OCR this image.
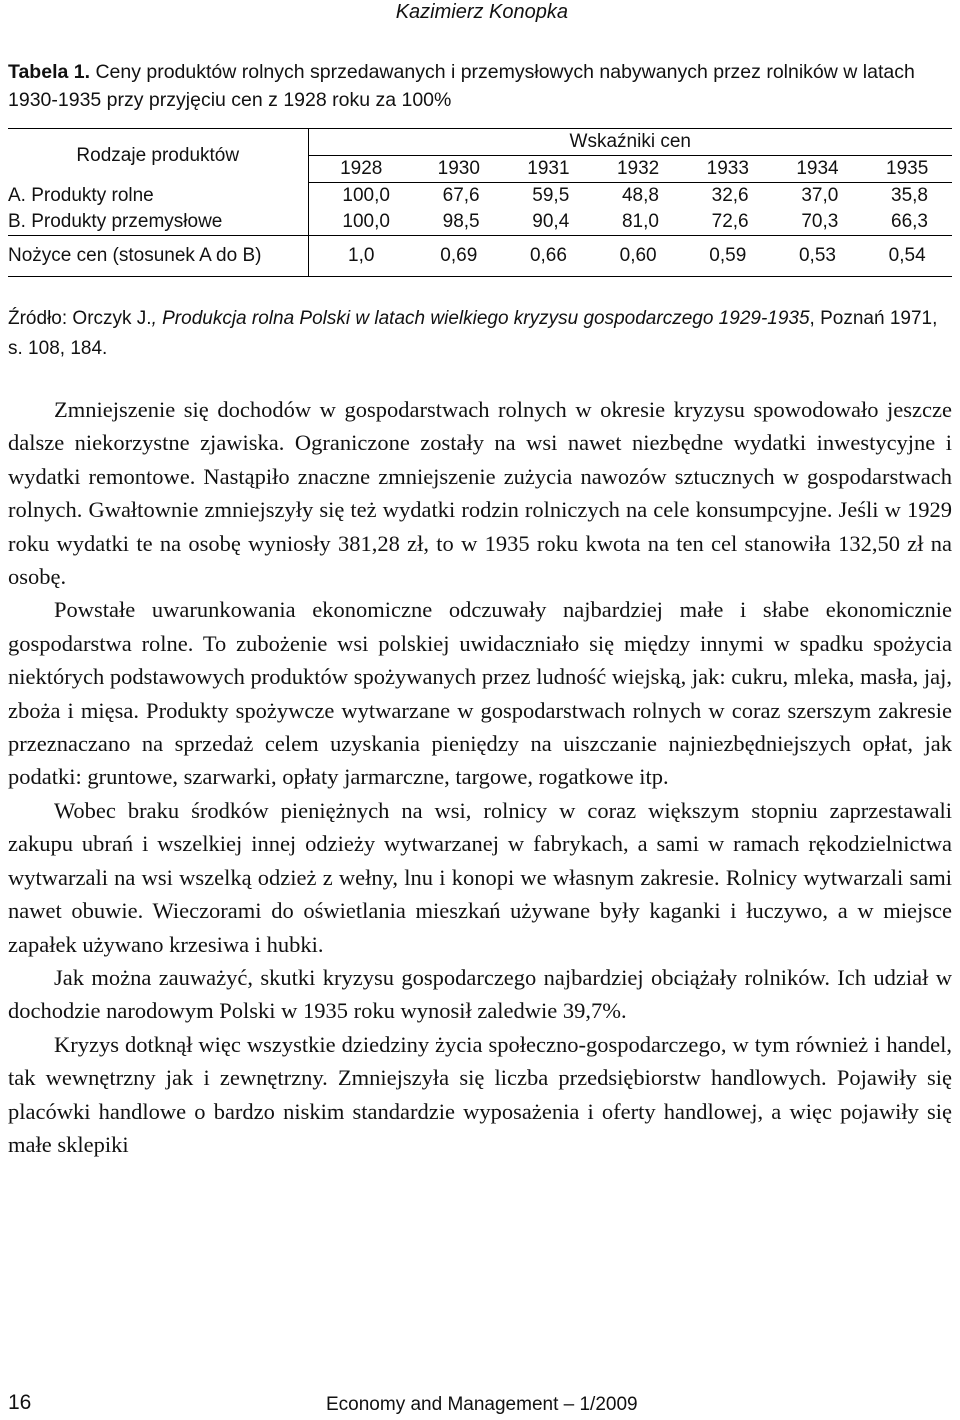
Kazimierz Konopka
Tabela 1. Ceny produktów rolnych sprzedawanych i przemysłowych nabywanych przez rolników w latach 1930-1935 przy przyjęciu cen z 1928 roku za 100%
Rodzaje produktów	Wskaźniki cen						
	1928	1930	1931	1932	1933	1934	1935
A. Produkty rolne	100,0	67,6	59,5	48,8	32,6	37,0	35,8
B. Produkty przemysłowe	100,0	98,5	90,4	81,0	72,6	70,3	66,3
Nożyce cen (stosunek A do B)	1,0	0,69	0,66	0,60	0,59	0,53	0,54
Źródło: Orczyk J., Produkcja rolna Polski w latach wielkiego kryzysu gospodarczego 1929-1935, Poznań 1971, s. 108, 184.

Zmniejszenie się dochodów w gospodarstwach rolnych w okresie kryzysu spowodowało jeszcze dalsze niekorzystne zjawiska. Ograniczone zostały na wsi nawet niezbędne wydatki inwestycyjne i wydatki remontowe. Nastąpiło znaczne zmniejszenie zużycia nawozów sztucznych w gospodarstwach rolnych. Gwałtownie zmniejszyły się też wydatki rodzin rolniczych na cele konsumpcyjne. Jeśli w 1929 roku wydatki te na osobę wyniosły 381,28 zł, to w 1935 roku kwota na ten cel stanowiła 132,50 zł na osobę.

Powstałe uwarunkowania ekonomiczne odczuwały najbardziej małe i słabe ekonomicznie gospodarstwa rolne. To zubożenie wsi polskiej uwidaczniało się między innymi w spadku spożycia niektórych podstawowych produktów spożywanych przez ludność wiejską, jak: cukru, mleka, masła, jaj, zboża i mięsa. Produkty spożywcze wytwarzane w gospodarstwach rolnych w coraz szerszym zakresie przeznaczano na sprzedaż celem uzyskania pieniędzy na uiszczanie najniezbędniejszych opłat, jak podatki: gruntowe, szarwarki, opłaty jarmarczne, targowe, rogatkowe itp.

Wobec braku środków pieniężnych na wsi, rolnicy w coraz większym stopniu zaprzestawali zakupu ubrań i wszelkiej innej odzieży wytwarzanej w fabrykach, a sami w ramach rękodzielnictwa wytwarzali na wsi wszelką odzież z wełny, lnu i konopi we własnym zakresie. Rolnicy wytwarzali sami nawet obuwie. Wieczorami do oświetlania mieszkań używane były kaganki i łuczywo, a w miejsce zapałek używano krzesiwa i hubki.

Jak można zauważyć, skutki kryzysu gospodarczego najbardziej obciążały rolników. Ich udział w dochodzie narodowym Polski w 1935 roku wynosił zaledwie 39,7%.

Kryzys dotknął więc wszystkie dziedziny życia społeczno-gospodarczego, w tym również i handel, tak wewnętrzny jak i zewnętrzny. Zmniejszyła się liczba przedsiębiorstw handlowych. Pojawiły się placówki handlowe o bardzo niskim standardzie wyposażenia i oferty handlowej, a więc pojawiły się małe sklepiki

16	Economy and Management – 1/2009
